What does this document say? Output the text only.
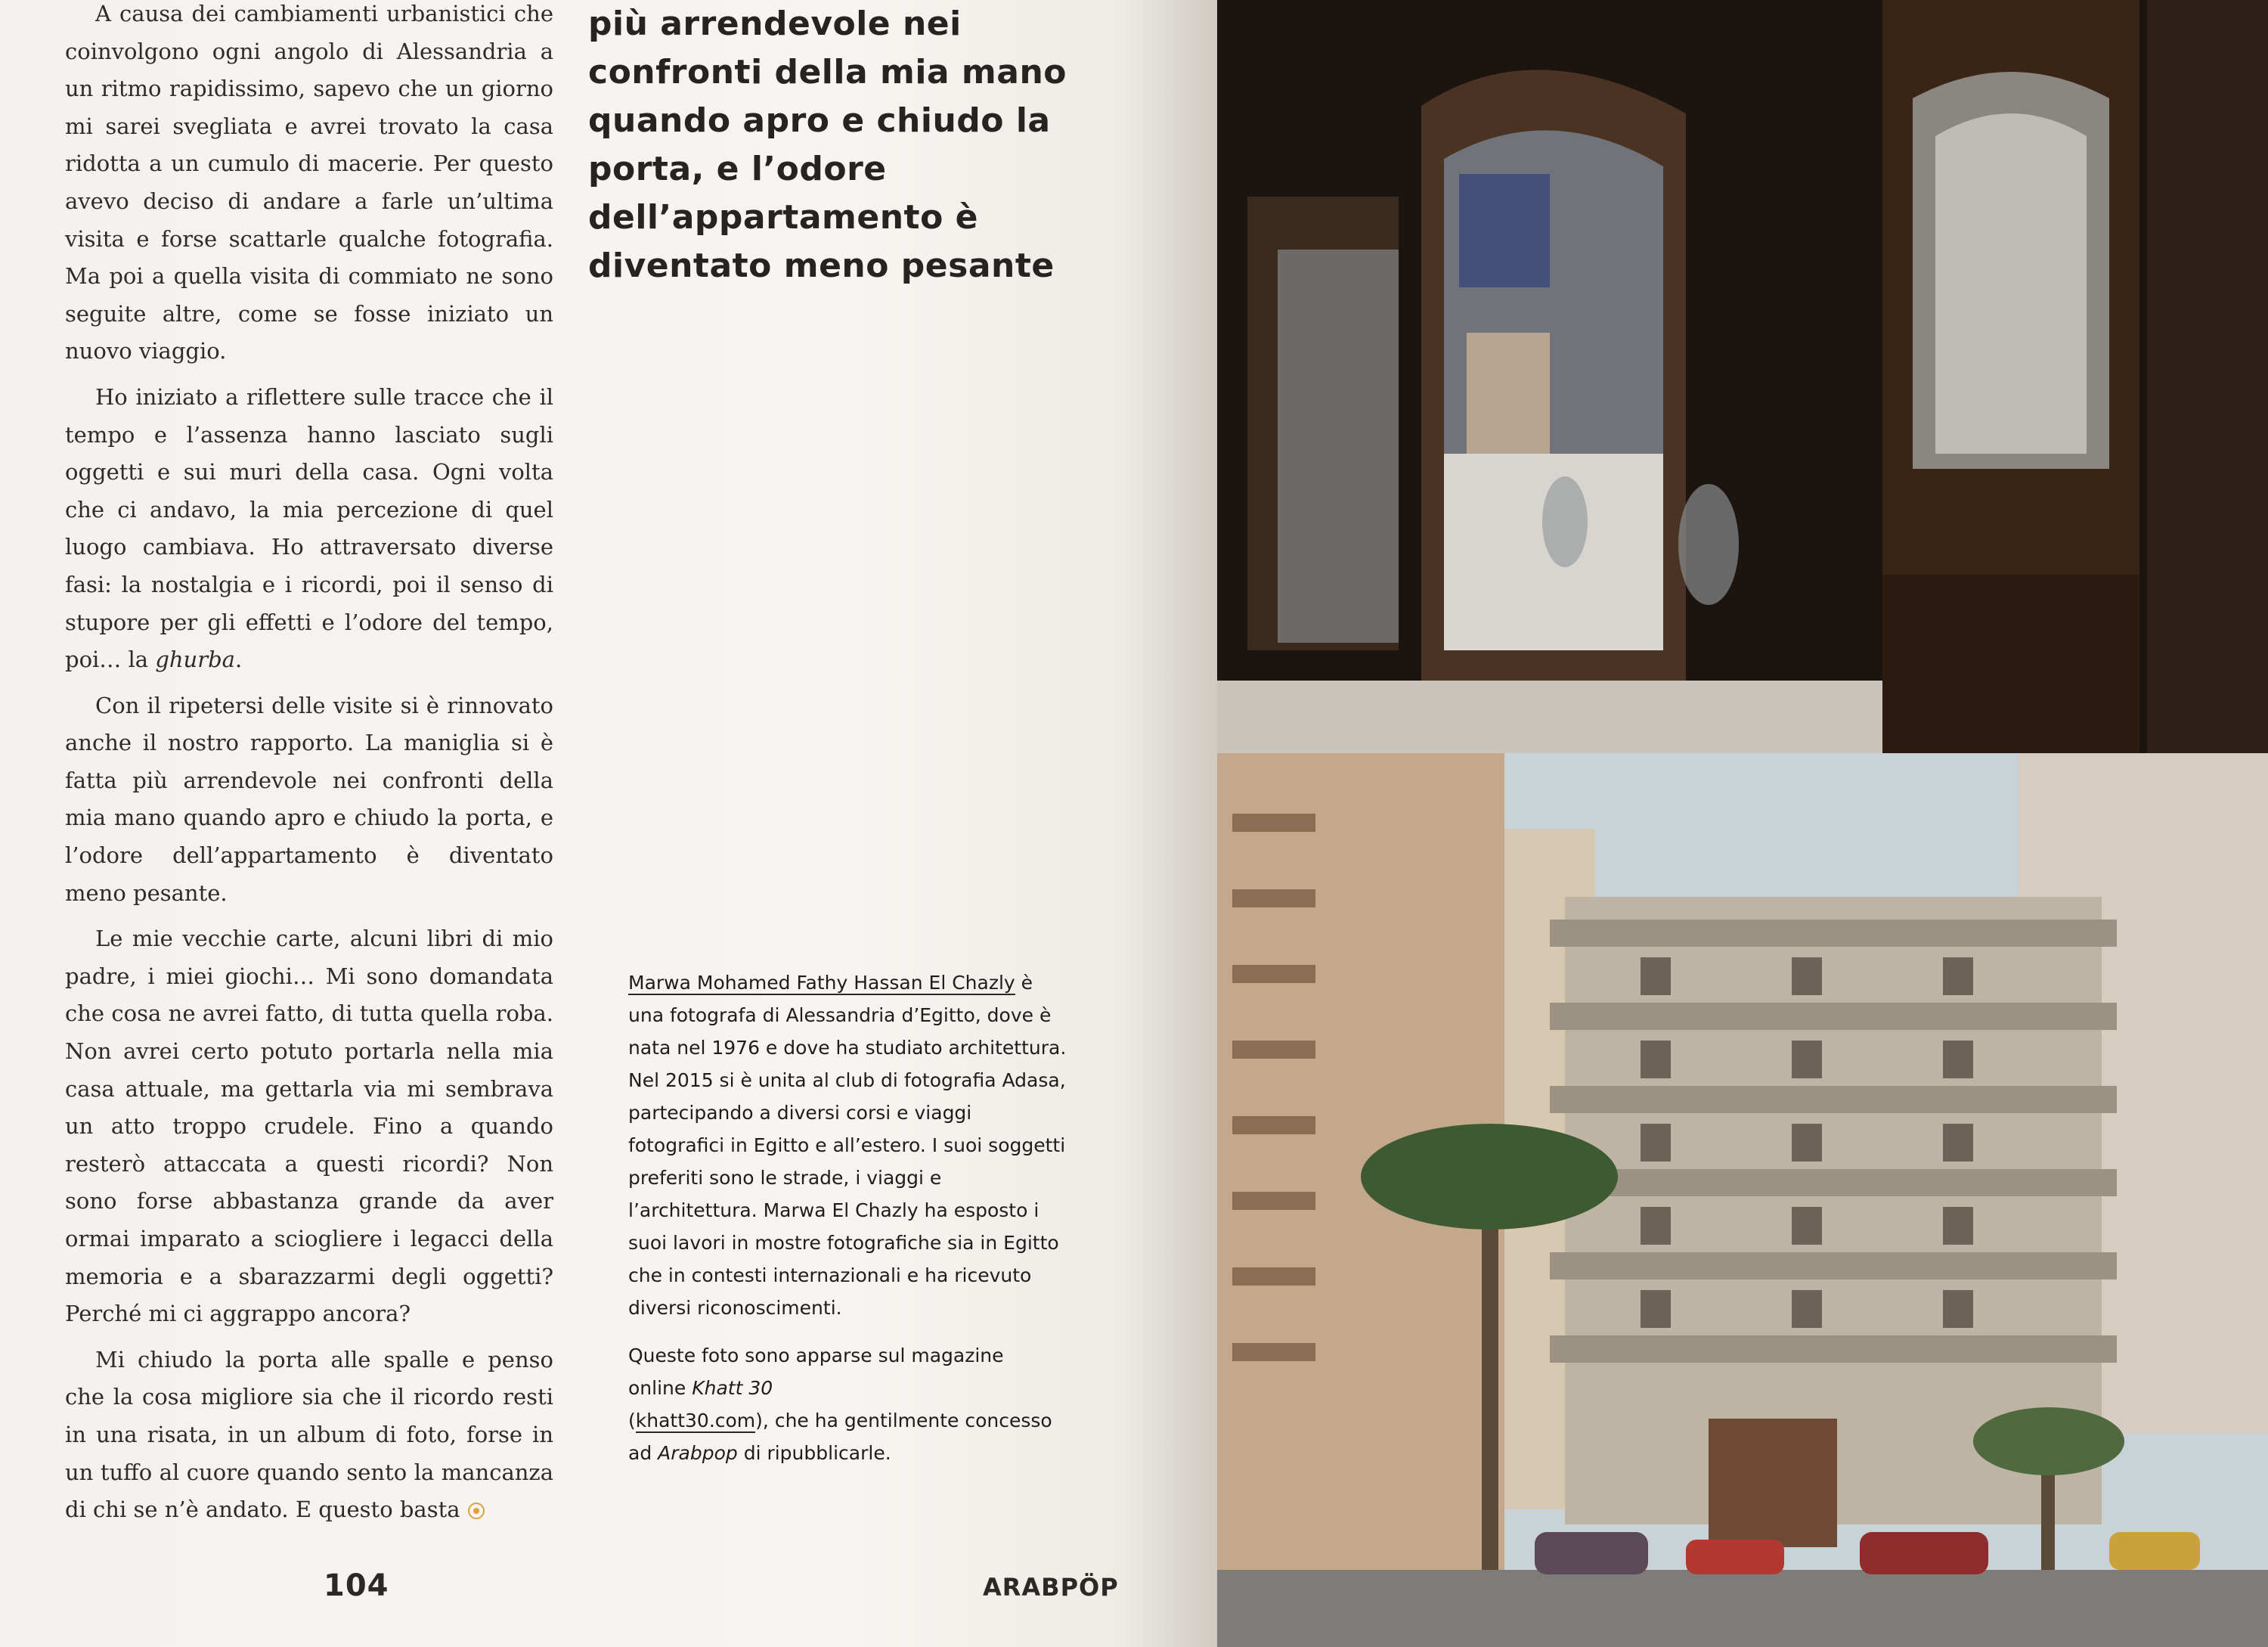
A causa dei cambiamenti urbanistici che coinvolgono ogni angolo di Alessandria a un ritmo rapidissimo, sapevo che un giorno mi sarei svegliata e avrei trovato la casa ridotta a un cumulo di macerie. Per questo avevo deciso di andare a farle un’ultima visita e forse scattarle qualche fotografia. Ma poi a quella visita di commiato ne sono seguite altre, come se fosse iniziato un nuovo viaggio.

Ho iniziato a riflettere sulle tracce che il tempo e l’assenza hanno lasciato sugli oggetti e sui muri della casa. Ogni volta che ci andavo, la mia percezione di quel luogo cambiava. Ho attraversato diverse fasi: la nostalgia e i ricordi, poi il senso di stupore per gli effetti e l’odore del tempo, poi… la ghurba.

Con il ripetersi delle visite si è rinnovato anche il nostro rapporto. La maniglia si è fatta più arrendevole nei confronti della mia mano quando apro e chiudo la porta, e l’odore dell’appartamento è diventato meno pesante.

Le mie vecchie carte, alcuni libri di mio padre, i miei giochi… Mi sono domandata che cosa ne avrei fatto, di tutta quella roba. Non avrei certo potuto portarla nella mia casa attuale, ma gettarla via mi sembrava un atto troppo crudele. Fino a quando resterò attaccata a questi ricordi? Non sono forse abbastanza grande da aver ormai imparato a sciogliere i legacci della memoria e a sbarazzarmi degli oggetti? Perché mi ci aggrappo ancora?

Mi chiudo la porta alle spalle e penso che la cosa migliore sia che il ricordo resti in una risata, in un album di foto, forse in un tuffo al cuore quando sento la mancanza di chi se n’è andato. E questo basta

più arrendevole nei confronti della mia mano quando apro e chiudo la porta, e l’odore dell’appartamento è diventato meno pesante

Marwa Mohamed Fathy Hassan El Chazly è una fotografa di Alessandria d’Egitto, dove è nata nel 1976 e dove ha studiato architettura. Nel 2015 si è unita al club di fotografia Adasa, partecipando a diversi corsi e viaggi fotografici in Egitto e all’estero. I suoi soggetti preferiti sono le strade, i viaggi e l’architettura. Marwa El Chazly ha esposto i suoi lavori in mostre fotografiche sia in Egitto che in contesti internazionali e ha ricevuto diversi riconoscimenti.

Queste foto sono apparse sul magazine online Khatt 30
(khatt30.com), che ha gentilmente concesso ad Arabpop di ripubblicarle.

104	ARABPÖP
